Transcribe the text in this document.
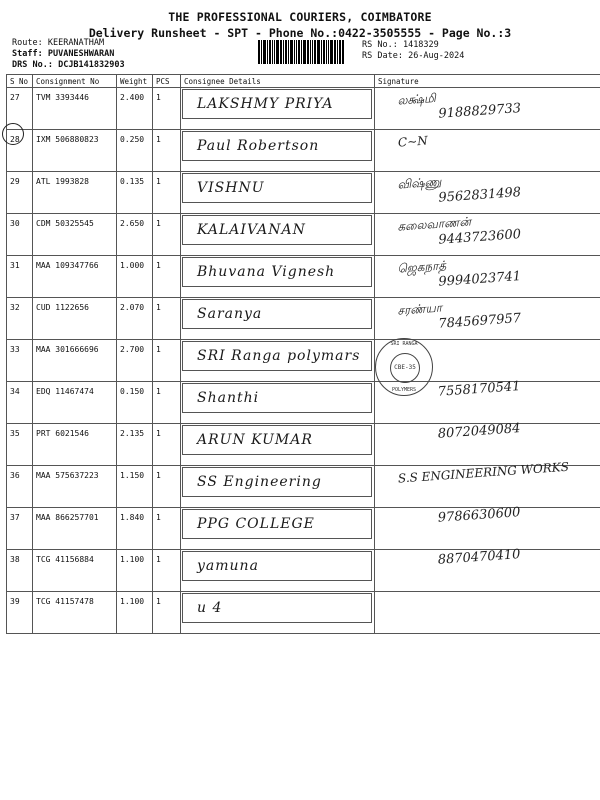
THE PROFESSIONAL COURIERS, COIMBATORE
Delivery Runsheet - SPT - Phone No.:0422-3505555 - Page No.:3
Route: KEERANATHAM
Staff: PUVANESHWARAN
DRS No.: DCJB141832903
RS No.: 1418329
RS Date: 26-Aug-2024
S No	Consignment No	Weight	PCS	Consignee Details	Signature
27	TVM 3393446	2.400	1	LAKSHMY PRIYA	லக்ஷ்மி
9188829733

28	IXM 506880823	0.250	1	Paul Robertson	C~N

29	ATL 1993828	0.135	1	VISHNU	விஷ்ணு
9562831498

30	CDM 50325545	2.650	1	KALAIVANAN	கலைவாணன்
9443723600

31	MAA 109347766	1.000	1	Bhuvana Vignesh	ஜெகநாத்
9994023741

32	CUD 1122656	2.070	1	Saranya	சரண்யா
7845697957

33	MAA 301666696	2.700	1	SRI Ranga polymars	

34	EDQ 11467474	0.150	1	Shanthi	7558170541

35	PRT 6021546	2.135	1	ARUN KUMAR	8072049084

36	MAA 575637223	1.150	1	SS Engineering	S.S ENGINEERING WORKS

37	MAA 866257701	1.840	1	PPG COLLEGE	9786630600

38	TCG 41156884	1.100	1	yamuna	8870470410

39	TCG 41157478	1.100	1	u 4	

SRI RANGA
CBE-35
POLYMERS
